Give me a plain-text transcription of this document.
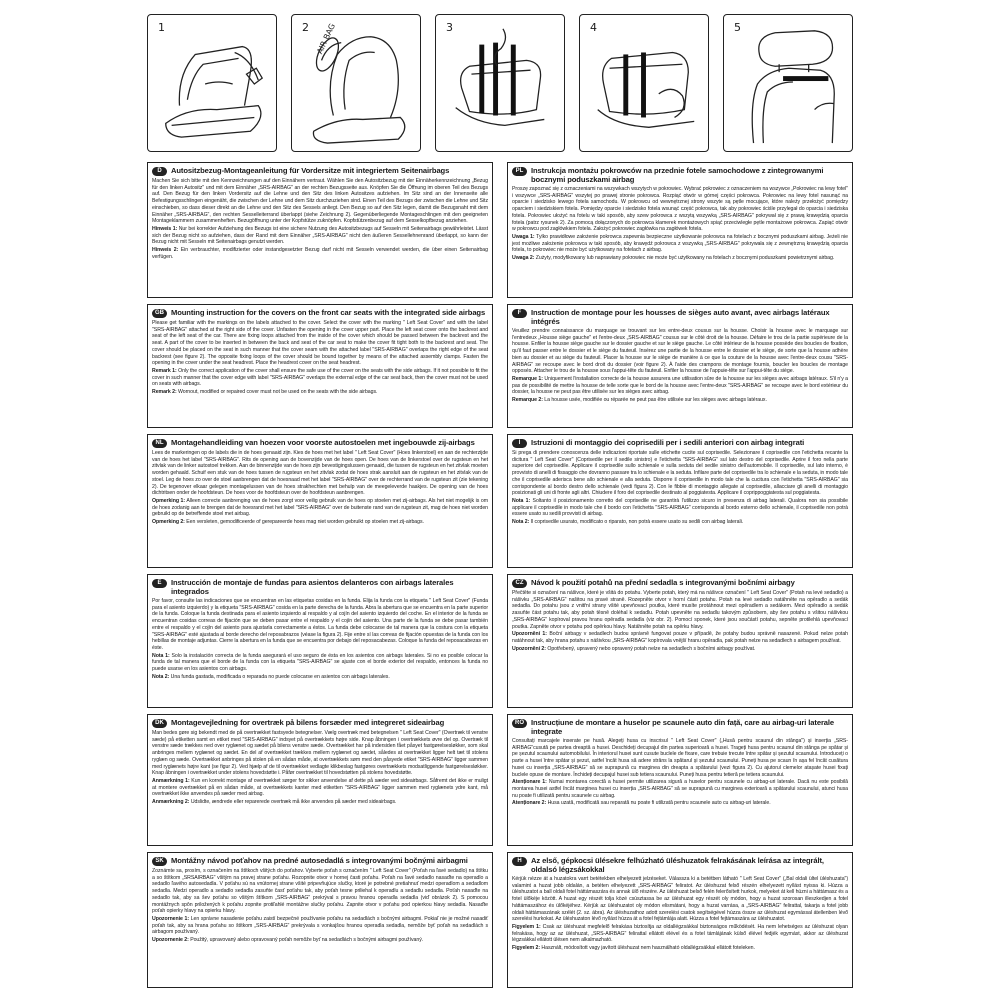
1	2 AIR BAG	3	4	5
D	Autositzbezug-Montageanleitung für Vordersitze mit integriertem Seitenairbags

Machen Sie sich bitte mit den Kennzeichnungen auf den Einnähern vertraut. Wählen Sie den Autositzbezug mit der Einnäherkennzeichnung „Bezug für den linken Autositz" und mit dem Einnäher „SRS-AIRBAG" an der rechten Bezugsseite aus. Knöpfen Sie die Öffnung im oberen Teil des Bezugs auf. Den Bezug für den linken Vordersitz auf die Lehne und den Sitz des linken Autositzes aufziehen. Im Sitz sind an der Innenseite alle Befestigungsschlingen eingenäht, die zwischen der Lehne und dem Sitz durchzuziehen sind. Einen Teil des Bezugs der zwischen die Lehne und Sitz einschieben, so dass dieser direkt an die Lehne und den Sitz des Sessels anliegt. Den Bezug so auf den Sitz legen, damit die Bezugsnaht mit dem Einnäher „SRS-AIRBAG", den rechten Sesselleiterrand überlappt (siehe Zeichnung 2). Gegenüberliegende Montageschlingen mit den geeigneten Montageklammern zusammenheften. Bezugöffnung unter der Kopfstütze zuknöpfen. Kopfstützenbezug auf dem Sesselkopfbezug anziehen.

Hinweis 1: Nur bei korrekter Aufziehung des Bezugs ist eine sichere Nutzung des Autositzbezugs auf Sesseln mit Seitenairbags gewährleistet. Lässt sich der Bezug nicht so aufziehen, dass der Rand mit dem Einnäher „SRS-AIRBAG" nicht den äußeren Sessellehnenrand überlappt, so kann der Bezug nicht mit Sesseln mit Seitenairbags genutzt werden.

Hinweis 2: Ein verbrauchter, modifizierter oder instandgesetzter Bezug darf nicht mit Sesseln verwendet werden, die über einen Seitenairbag verfügen.

PL	Instrukcja montażu pokrowców na przednie fotele samochodowe z zintegrowanymi bocznymi poduszkami airbag

Proszę zapoznać się z oznaczeniami na wszywkach wszytych w pokrowiec. Wybrać pokrowiec z oznaczeniem na wszywce „Pokrowiec na lewy fotel" i wszywce „SRS-AIRBAG" wszytej po prawej stronie pokrowca. Rozpiąć otwór w górnej części pokrowca. Pokrowiec na lewy fotel nasunąć na oparcie i siedzisko lewego fotela samochodu. W pokrowcu od wewnętrznej strony wszyte są pętle mocujące, które należy przełożyć pomiędzy oparciem i siedziskiem fotela. Pomiędzy oparcie i siedzisko fotela wsunąć część pokrowca, tak aby pokrowiec ściśle przylegał do oparcia i siedziska fotela. Pokrowiec ułożyć na fotelu w taki sposób, aby szew pokrowca z wszytą wszywką „SRS-AIRBAG" pokrywał się z prawą krawędzią oparcia fotela (patrz rysunek 2). Za pomocą dołączonych do pokrowca klamerek montażowych spiąć przeciwległe pętle montażowe pokrowca. Zapiąć otwór w pokrowcu pod zagłówkiem fotela. Założyć pokrowiec zagłówka na zagłówek fotela.

Uwaga 1: Tylko prawidłowe założenie pokrowca zapewnia bezpieczne użytkowanie pokrowca na fotelach z bocznymi poduszkami airbag. Jeżeli nie jest możliwe założenie pokrowca w taki sposób, aby krawędź pokrowca z wszywką „SRS-AIRBAG" pokrywała się z zewnętrzną krawędzią oparcia fotela, to pokrowiec nie może być użytkowany na fotelach z airbag.

Uwaga 2: Zużyty, modyfikowany lub naprawiany pokrowiec nie może być użytkowany na fotelach z bocznymi poduszkami powietrznymi airbag.

GB Mounting instruction for the covers on the front car seats with the integrated side airbags

Please get familiar with the markings on the labels attached to the cover. Select the cover with the marking " Left Seat Cover" and with the label "SRS-AIRBAG" attached at the right side of the cover. Unfasten the opening in the cover upper part. Place the left seat cover onto the backrest and seat of the left seat of the car. There are fixing loops attached from the inside of the cover which should be passed between the backrest and the seat. A part of the cover to be inserted in between the back and seat of the car seat to make the cover fit tight both to the backrest and seat. The cover should be placed on the seat in such manner that the cover seam with the attached label "SRS-AIRBAG" overlaps the right edge of the seat backrest (see figure 2). The opposite fixing loops of the cover should be bound together by means of the attached assembly clamps. Fasten the opening in the cover under the seat headrest. Place the headrest cover on the seat headrest.

Remark 1: Only the correct application of the cover shall ensure the safe use of the cover on the seats with the side airbags. If it not possible to fit the cover in such manner that the cover edge with label "SRS-AIRBAG" overlaps the external edge of the car seat back, then the cover must not be used on seats with airbags.

Remark 2: Wornout, modified or repaired cover must not be used on the seats with the side airbags.

F	Instruction de montage pour les housses de sièges auto avant, avec airbags latéraux intégrés

Veuillez prendre connaissance du marquage se trouvant sur les entre-deux cousus sur la housse. Choisir la housse avec le marquage sur l'entredeux „Housse siège gauche" et l'entre-deux „SRS-AIRBAG" cousus sur le côté droit de la housse. Défaire le trou de la partie supérieure de la housse. Enfiler la housse siège gauche sur le dossier gauche et sur le siège gauche. Le côté intérieur de la housse possède des boucles de fixation, qu'il faut passer entre le dossier et le siège du fauteuil. Insérez une partie de la housse entre le dossier et le siège, de sorte que la housse adhère bien au dossier et au siège du fauteuil. Placer la housse sur le siège de manière à ce que la couture de la housse avec l'entre-deux cousu "SRS-AIRBAG" se recoupe avec le bord droit du dossier (voir figure 2). À l'aide des crampons de montage fournis, boucler les boucles de montage opposés. Attacher le trou de la housse sous l'appui-tête du fauteuil. Enfiler la housse de l'appuie-tête sur l'appui-tête du siège.

Remarque 1: Uniquement l'installation correcte de la housse assurera une utilisation sûre de la housse sur les sièges avec airbags latéraux. S'il n'y a pas de possibilité de mettre la housse de telle sorte que le bord de la housse avec l'entre-deux "SRS-AIRBAG" se recoupe avec le bord extérieur du dossier, la housse ne peut pas être utilisée sur les sièges avec airbag.

Remarque 2: La housse usée, modifiée ou réparée ne peut pas être utilisée sur les sièges avec airbags latéraux.

NL Montagehandleiding van hoezen voor voorste autostoelen met ingebouwde zij-airbags

Lees de markeringen op de labels die in de hoes genaaid zijn. Kies de hoes met het label " Left Seat Cover" (Hoes linkerstoel) en aan de rechterzijde van de hoes het label "SRS-AIRBAG". Rits de opening aan de bovenzijde van de hoes open. De hoes van de linkerstoel over de rugsteun en het zitvlak van de linker autostoel trekken. Aan de binnenzijde van de hoes zijn bevestigingslussen genaaid, die tussen de rugsteun en het zitvlak moeten worden gehaald. Schuif een stuk van de hoes tussen de rugsteun en het zitvlak zodat de hoes strak aansluit aan de rugsteun en het zitvlak van de stoel. Leg de hoes zo over de stoel aanbrengen dat de hoesnaad met het label "SRS-AIRBAG" over de rechterrand van de rugsteun zit (zie tekening 2). De tegenover elkaar gelegen montagelussen van de hoes strakhechten met behulp van de meegeleverde haakjes. De opening van de hoes dichtritsen onder de hoofdsteun. De hoes voor de hoofdsteun over de hoofdsteun aanbrengen.

Opmerking 1: Alleen correcte aanbrenging van de hoes zorgt voor veilig gebruik van de hoes op stoelen met zij-airbags. Als het niet mogelijk is om de hoes zodanig aan te brengen dat de hoesrand met het label "SRS-AIRBAG" over de buitenste rand van de rugsteun zit, mag de hoes niet worden gebruikt op de betreffende stoel met airbag.

Opmerking 2: Een versleten, gemodificeerde of gerepareerde hoes mag niet worden gebruikt op stoelen met zij-airbags.

I	Istruzioni di montaggio dei coprisedili per i sedili anteriori con airbag integrati

Si prega di prendere conoscenza delle indicazioni riportate sulle etichette cucite sul coprisedile. Selezionare il coprisedile con l'etichetta recante la dicitura " Left Seat Cover" (Coprisedile per il sedile sinistro) e l'etichetta "SRS-AIRBAG" sul lato destro del coprisedile. Aprire il foro nella parte superiore del coprisedile. Applicare il coprisedile sullo schienale e sulla seduta del sedile sinistro dell'automobile. Il coprisedile, sul lato interno, è provvisto di anelli di fissaggio che dovranno passare tra lo schienale e la seduta. Infilare parte del coprisedile tra lo schienale e la seduta, in modo tale che il coprisedile aderisca bene allo schienale e alla seduta. Disporre il coprisedile in modo tale che la cucitura con l'etichetta "SRS-AIRBAG" sia corrispondente al bordo destro dello schienale (vedi figura 2). Con le fibbie di montaggio allegate al coprisedile, allacciare gli anelli di montaggio posizionati gli uni di fronte agli altri. Chiudere il foro del coprisedile destinato al poggiatesta. Applicare il coprippoggiatesta sul poggiatesta.

Nota 1: Soltanto il posizionamento corretto del coprisedile ne garantirà l'utilizzo sicuro in presenza di airbag laterali. Qualora non sia possibile applicare il coprisedile in modo tale che il bordo con l'etichetta "SRS-AIRBAG" corrisponda al bordo esterno dello schienale, il coprisedile non potrà essere usato su sedili provvisti di airbag.

Nota 2: Il coprisedile usurato, modificato o riparato, non potrà essere usato su sedili con airbag laterali.

E	Instrucción de montaje de fundas para asientos delanteros con airbags laterales integrados

Por favor, consulte las indicaciones que se encuentran en las etiquetas cosidas en la funda. Elija la funda con la etiqueta " Left Seat Cover" (Funda para el asiento izquierdo) y la etiqueta "SRS-AIRBAG" cosida en la parte derecha de la funda. Abra la abertura que se encuentra en la parte superior de la funda. Coloque la funda destinada para el asiento izquierdo al respaldo y al cojín del asiento izquierdo del coche. En el interior de la funda se encuentran cosidas correas de fijación que se deben pasar entre el respaldo y el cojín del asiento. Una parte de la funda se debe pasar también entre el respaldo y el cojín del asiento para ajustarla correctamente a éstos. La funda debe colocarse de tal manera que la costura con la etiqueta "SRS-AIRBAG" esté ajustada al borde derecho del reposabrazos (véase la figura 2). Fije entre sí las correas de fijación opuestas de la funda con los hebillas de montaje adjuntas. Cierre la abertura en la funda que se encuentra por debajo del reposacabezas. Coloque la funda del reposacabezas en éste.

Nota 1: Solo la instalación correcta de la funda asegurará el uso seguro de ésta en los asientos con airbags laterales. Si no es posible colocar la funda de tal manera que el borde de la funda con la etiqueta "SRS-AIRBAG" se ajuste con el borde exterior del respaldo, entonces la funda no puede usarse en los asientos con airbags.

Nota 2: Una funda gastada, modificada o reparada no puede colocarse en asientos con airbags laterales.

CZ Návod k použití potahů na přední sedadla s integrovanými bočními airbagy

Přečtěte si označení na nášivce, které je všitá do potahu. Vyberte potah, který má na nášivce označení " Left Seat Cover" (Potah na levé sedadlo) a nášivku „SRS-AIRBAG" našitou na pravé straně. Rozepněte otvor v horní části potahu. Potah na levé sedadlo natáhněte na opěradlo a sedák sedadla. Do potahu jsou z vnitřní strany všité upevňovací poutka, které musíte protáhnout mezi opěradlem a sedákem. Mezi opěradlo a sedák zasuňte část potahu tak, aby potah těsně doléhal k sedadlu. Potah upevněte na sedadlu takovým způsobem, aby šev potahu s všitou nášivkou „SRS-AIRBAG" kopíroval pravou hranu opěradla sedadla (viz obr. 2). Pomocí sponek, které jsou součástí potahu, sepněte protilehlá upevňovací poutka. Zapněte otvor v potahu pod opěrkou hlavy. Natáhněte potah na opěrku hlavy.

Upozornění 1: Boční airbagy v sedadlech budou správně fungovat pouze v případě, že potahy budou správně nasazené. Pokud nelze potah natáhnout tak, aby hrana potahu s nášivkou „SRS-AIRBAG" kopírovala vnější hranu opěradla, pak potah nelze na sedadlech s airbagem používat.

Upozornění 2: Opotřebený, upravený nebo opravený potah nelze na sedadlech s bočními airbagy používat.

DK Montagevejledning for overtræk på bilens forsæder med integreret sideairbag

Man bedes gøre sig bekendt med de på overtrækket fastsyede betegnelser. Vælg overtræk med betegnelsen " Left Seat Cover" (Overtræk til venstre sæde) på etiketten samt en etiket med "SRS-AIRBAG" indsyet på overtrækkets højre side. Knap åbningen i overtrækkets øvre del op. Overtræk til venstre sæde trækkes ned over ryglænet og sædet på bilens venstre sæde. Overtrækket har på indersiden fået påsyet fastgørelsesløkker, som skal anbringes mellem ryglænet og sædet. En del af overtrækket trækkes mellem ryglænet og sædet, således at overtrækket ligger helt tæt til stolens ryglæn og sæde. Overtrækket anbringes på stolen på en sådan måde, at overtrækkets søm med den påsyede etiket "SRS-AIRBAG" ligger sammen med ryglænets højre kant (se figur 2). Ved hjælp af de til overtrækket vedlagte klikbeslag fastgøres overtrækkets modsatliggende fastgørelsesløkker. Knap åbningen i overtrækket under stolens hovedstøtte i. Påfør overtrækket til hovedstøtten på stolens hovedstøtte.

Anmærkning 1: Kun en korrekt montage af overtrækket sørger for sikker anvendelse af dette på sæder ved sideairbags. Såfremt det ikke er muligt at montere overtrækket på en sådan måde, at overtrækkets kanter med etiketten "SRS-AIRBAG" ligger sammen med ryglænets ydre kant, må overtrækket ikke anvendes på sæder med airbag.

Anmærkning 2: Udslidte, ændrede eller reparerede overtræk må ikke anvendes på sæder med sideairbags.

RO Instrucțiune de montare a huselor pe scaunele auto din față, care au airbag-uri laterale integrate

Consultați marcajele inserate pe husă. Alegeți husa cu inscrisul " Left Seat Cover" („Husă pentru scaunul din stânga") și inserția „SRS-AIRBAG"cusută pe partea dreaptă a husei. Deschideți decupajul din partea superioară a husei. Trageți husa pentru scaunul din stânga pe spătar și pe șezutul scaunului automobilului. În interiorul husei sunt cusute buclele de fixare, care trebuie trecute între spătar și șezutul scaunului. Introduceți o parte a husei între spătar și șezut, astfel încât husa să adere strâns la spătarul și șezutul scaunului. Puneți husa pe scaun în așa fel încât cusătura husei cu inserția „SRS-AIRBAG" să se suprapună cu marginea din dreapta a spătarului (vezi figura 2). Cu ajutorul clemelor atașate husei fixați buclele opuse de montare. Închideți decupajul husei sub tetiera scaunului. Puneți husa pentru tetieră pe tetiera scaunului.

Atenționare 1: Numai montarea corectă a husei permite utilizarea sigură a huselor pentru scaunele cu airbag-uri laterale. Dacă nu este posibilă montarea husei astfel încât marginea husei cu inserția „SRS-AIRBAG" să se suprapună cu marginea exterioară a spătarului scaunului, atunci husa nu poate fi utilizată pentru scaunele cu airbag.

Atenționare 2: Husa uzată, modificată sau reparată nu poate fi utilizată pentru scaunele auto cu airbag-uri laterale.

SK Montážny návod poťahov na predné autosedadlá s integrovanými bočnými airbagmi

Zoznámte sa, prosím, s označením na štítkoch všitých do poťahov. Vyberte poťah s označením " Left Seat Cover" (Poťah na ľavé sedadlo) na štítku a so štítkom „SRSAIRBAG" všitým na pravej strane poťahu. Rozopnite otvor v hornej časti poťahu. Poťah na ľavé sedadlo nasaďte na operadlo a sedadlo ľavého autosedadla. V poťahu sú na vnútornej strane všité pripevňujúce slučky, ktoré je potrebné pretiahnuť medzi operadlom a sedadlom sedadla. Medzi operadlo a sedadlo sedadla zasuňte časť poťahu tak, aby poťah tesne priliehal k operadlu a sedadlu sedadla. Poťah nasaďte na sedadlo tak, aby sa šev poťahu so všitým štítkom „SRS-AIRBAG" prekrýval s pravou hranou operadla sedadla (viď obrázok 2). S pomocou montážnych spôn priložených k poťahu zopnite protiľahlé montážne slučky poťahu. Zapnite otvor v poťahu pod opierkou hlavy sedadla. Nasaďte poťah opierky hlavy na opierku hlavy.

Upozornenie 1: Len správne nasadenie poťahu zaistí bezpečné používanie poťahu na sedadlách s bočnými airbagmi. Pokiaľ nie je možné nasadiť poťah tak, aby sa hrana poťahu so štítkom „SRS-AIRBAG" prekrývala s vonkajšou hranou operadla sedadla, nemôže byť poťah na sedadlách s airbagom používaný.

Upozornenie 2: Použitý, upravovaný alebo opravovaný poťah nemôže byť na sedadlách s bočnými airbagmi používaný.

H	Az első, gépkocsi ülésekre felhúzható üléshuzatok felrakásának leírása az integrált, oldalsó légzsákokkal

Kérjük nézze át a huzatokra varrt betétekben elhelyezett jelzéseket. Válassza ki a betétben látható " Left Seat Cover" („Bal oldali ültel üléshuzata") valamint a huzat jobb oldalán, a betéten elhelyezett „SRS-AIRBAG" feliratot. Az üléshuzat felső részén elhelyezett nyílást nyissa ki. Húzza a üléshuzatot a ball oldali fotel háttámaszára és annak ülő részére. Az üléshuzat belső felén felerősített hurkok, melyeket át kell húzni a háttámasz és a fotel ülőkéje között. A huzat egy részét tolja közé csúsztassa be az üléshuzat egy részét oly módon, hogy a huzat szorosan illeszkedjen a fotel háttámaszához és ülőkéjéhez. Kérjük az üléshuzatot oly módon elismátani, hogy a huzat varrása, a „SRS-AIRBAG" felirattal, takarja a fotel jobb oldali háttámaszának szélét (2. sz. ábra). Az üléshuzathoz adott szerelési csatok segítségével húzza össze az üléshuzat egymással átellenben lévő szerelési hurkokat. Az üléshuzaton lévő nyílást húzza át a fotel fejtámlája alatt. Húzza a fotel fejtámaszára az üléshuzatot.

Figyelem 1: Csak az üléshuzat megfelelő felrakása biztosítja az oldallégzsákkal biztonságos működését. Ha nem lehetséges az üléshuzat olyan felrakása, hogy az az üléshuzat, „SRS-AIRBAG" felirattal ellátott élével és a fotel támlájának külső élével fedjék egymást, akkor az üléshuzat légzsákkal ellátott ülésen nem alkalmazható.

Figyelem 2: Használt, módosított vagy javított üléshuzat nem használható oldallégzsákkal ellátott foteleken.
